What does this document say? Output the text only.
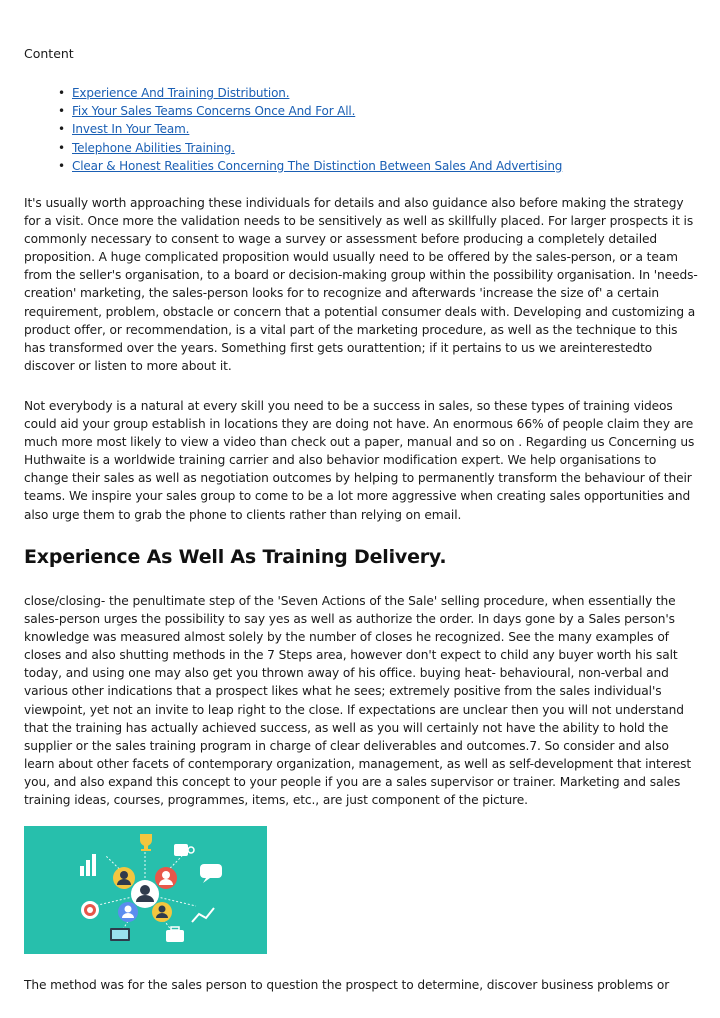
Content
• Experience And Training Distribution.
• Fix Your Sales Teams Concerns Once And For All.
• Invest In Your Team.
• Telephone Abilities Training.
• Clear & Honest Realities Concerning The Distinction Between Sales And Advertising

It's usually worth approaching these individuals for details and also guidance also before making the strategy for a visit. Once more the validation needs to be sensitively as well as skillfully placed. For larger prospects it is commonly necessary to consent to wage a survey or assessment before producing a completely detailed proposition. A huge complicated proposition would usually need to be offered by the sales-person, or a team from the seller's organisation, to a board or decision-making group within the possibility organisation. In 'needs-creation' marketing, the sales-person looks for to recognize and afterwards 'increase the size of' a certain requirement, problem, obstacle or concern that a potential consumer deals with. Developing and customizing a product offer, or recommendation, is a vital part of the marketing procedure, as well as the technique to this has transformed over the years. Something first gets ourattention; if it pertains to us we areinterestedto discover or listen to more about it.

Not everybody is a natural at every skill you need to be a success in sales, so these types of training videos could aid your group establish in locations they are doing not have. An enormous 66% of people claim they are much more most likely to view a video than check out a paper, manual and so on . Regarding us Concerning us Huthwaite is a worldwide training carrier and also behavior modification expert. We help organisations to change their sales as well as negotiation outcomes by helping to permanently transform the behaviour of their teams. We inspire your sales group to come to be a lot more aggressive when creating sales opportunities and also urge them to grab the phone to clients rather than relying on email.

Experience As Well As Training Delivery.

close/closing- the penultimate step of the 'Seven Actions of the Sale' selling procedure, when essentially the sales-person urges the possibility to say yes as well as authorize the order. In days gone by a Sales person's knowledge was measured almost solely by the number of closes he recognized. See the many examples of closes and also shutting methods in the 7 Steps area, however don't expect to child any buyer worth his salt today, and using one may also get you thrown away of his office. buying heat- behavioural, non-verbal and various other indications that a prospect likes what he sees; extremely positive from the sales individual's viewpoint, yet not an invite to leap right to the close. If expectations are unclear then you will not understand that the training has actually achieved success, as well as you will certainly not have the ability to hold the supplier or the sales training program in charge of clear deliverables and outcomes.7. So consider and also learn about other facets of contemporary organization, management, as well as self-development that interest you, and also expand this concept to your people if you are a sales supervisor or trainer. Marketing and sales training ideas, courses, programmes, items, etc., are just component of the picture.

The method was for the sales person to question the prospect to determine, discover business problems or
